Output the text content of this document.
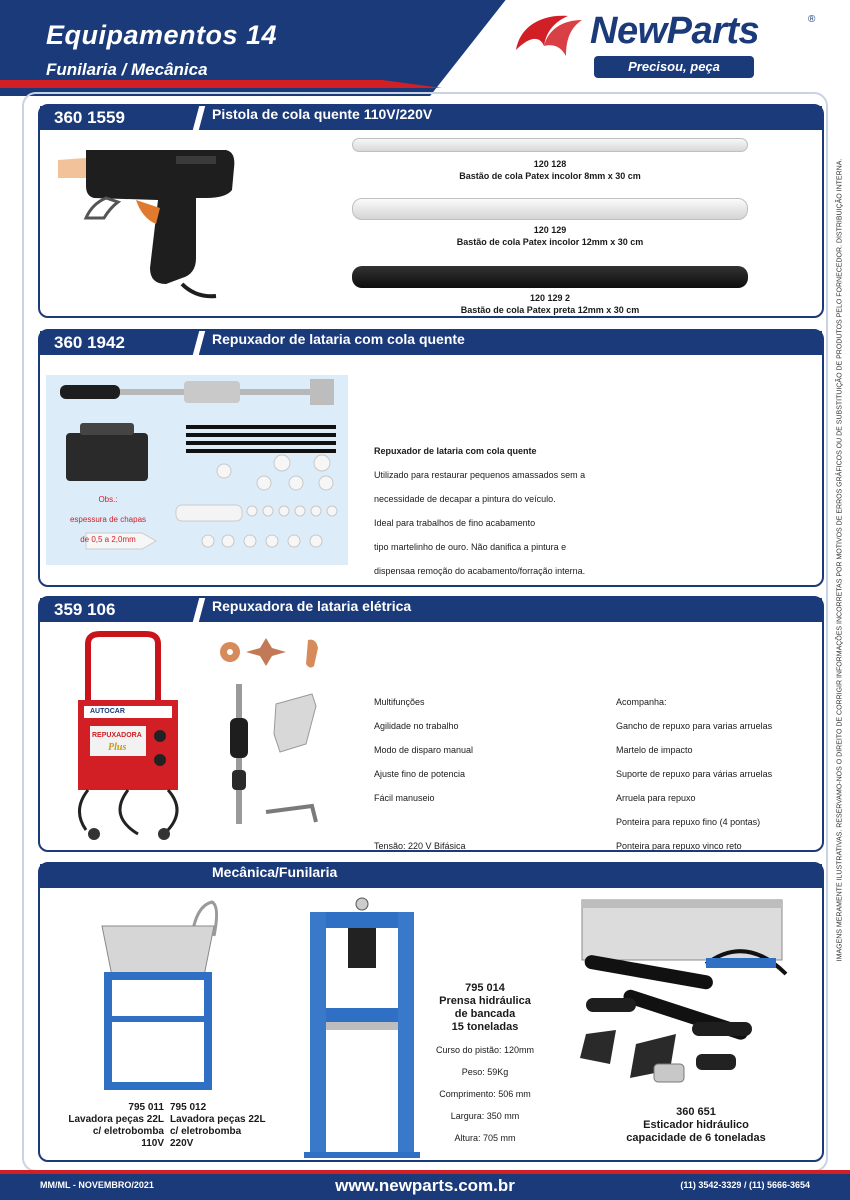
Equipamentos 14
Funilaria / Mecânica
NewParts	®
Precisou, peça
IMAGENS MERAMENTE ILUSTRATIVAS. RESERVAMO-NOS O DIREITO DE CORRIGIR INFORMAÇÕES INCORRETAS POR MOTIVOS DE ERROS GRÁFICOS OU DE SUBSTITUIÇÃO DE PRODUTOS PELO FORNECEDOR. DISTRIBUIÇÃO INTERNA.
360 1559	Pistola de cola quente 110V/220V
120 128
Bastão de cola Patex incolor 8mm x 30 cm
120 129
Bastão de cola Patex incolor 12mm x 30 cm
120 129 2
Bastão de cola Patex preta 12mm x 30 cm
360 1942	Repuxador de lataria com cola quente

Obs.:

espessura de chapas

de 0,5 a 2,0mm

Repuxador de lataria com cola quente

Utilizado para restaurar pequenos amassados sem a

necessidade de decapar a pintura do veículo.

Ideal para trabalhos de fino acabamento

tipo martelinho de ouro. Não danifica a pintura e

dispensaa remoção do acabamento/forração interna.

359 106	Repuxadora de lataria elétrica
AUTOCAR
REPUXADORA
Plus

Multifunções

Agilidade no trabalho

Modo de disparo manual

Ajuste fino de potencia

Fácil manuseio

Tensão: 220 V Bifásica

Acompanha:

Gancho de repuxo para varias arruelas

Martelo de impacto

Suporte de repuxo para várias arruelas

Arruela para repuxo

Ponteira para repuxo fino (4 pontas)

Ponteira para repuxo vinco reto

Mecânica/Funilaria
795 011
Lavadora peças 22L
c/ eletrobomba
110V
795 012
Lavadora peças 22L
c/ eletrobomba
220V
795 014
Prensa hidráulica
de bancada
15 toneladas

Curso do pistão: 120mm

Peso: 59Kg

Comprimento: 506 mm

Largura: 350 mm

Altura: 705 mm

360 651
Esticador hidráulico
capacidade de 6 toneladas
MM/ML - NOVEMBRO/2021	www.newparts.com.br	(11) 3542-3329 / (11) 5666-3654
